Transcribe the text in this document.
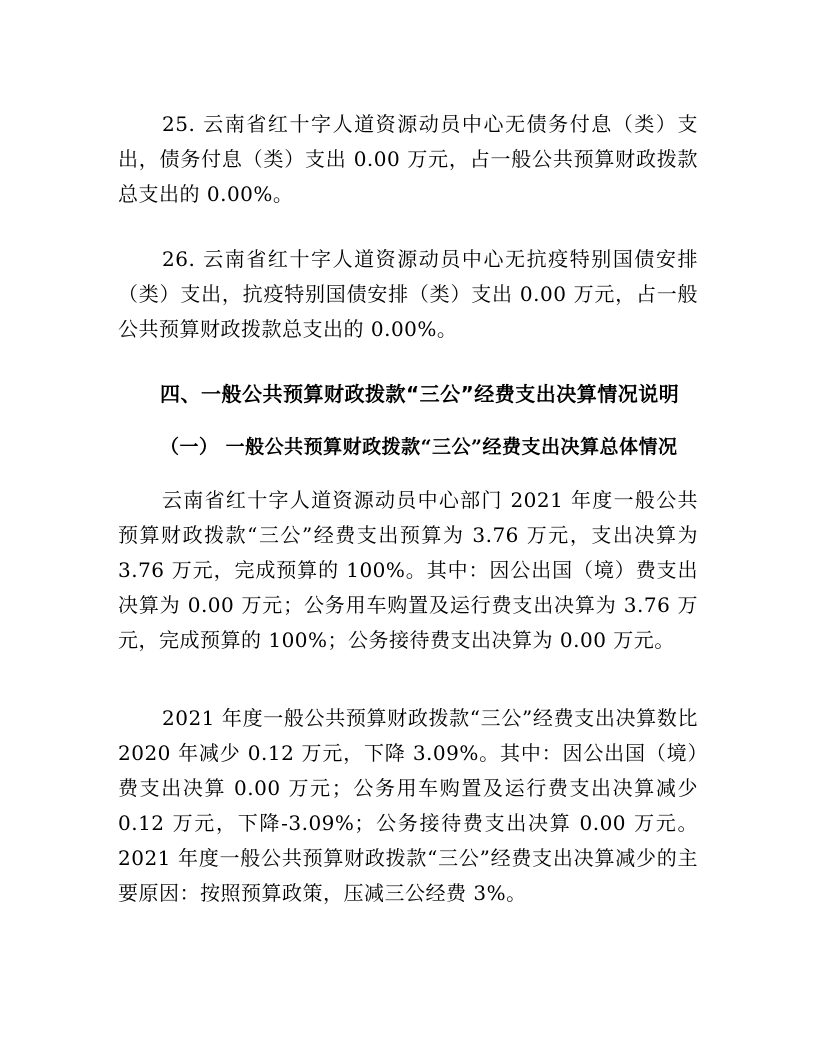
25. 云南省红十字人道资源动员中心无债务付息（类）支出，债务付息（类）支出 0.00 万元，占一般公共预算财政拨款总支出的 0.00%。

26. 云南省红十字人道资源动员中心无抗疫特别国债安排（类）支出，抗疫特别国债安排（类）支出 0.00 万元，占一般公共预算财政拨款总支出的 0.00%。

四、一般公共预算财政拨款“三公”经费支出决算情况说明
（一） 一般公共预算财政拨款“三公”经费支出决算总体情况

云南省红十字人道资源动员中心部门 2021 年度一般公共预算财政拨款“三公”经费支出预算为 3.76 万元，支出决算为 3.76 万元，完成预算的 100%。其中：因公出国（境）费支出决算为 0.00 万元；公务用车购置及运行费支出决算为 3.76 万元，完成预算的 100%；公务接待费支出决算为 0.00 万元。

2021 年度一般公共预算财政拨款“三公”经费支出决算数比 2020 年减少 0.12 万元，下降 3.09%。其中：因公出国（境）费支出决算 0.00 万元；公务用车购置及运行费支出决算减少 0.12 万元，下降-3.09%；公务接待费支出决算 0.00 万元。2021 年度一般公共预算财政拨款“三公”经费支出决算减少的主要原因：按照预算政策，压减三公经费 3%。
